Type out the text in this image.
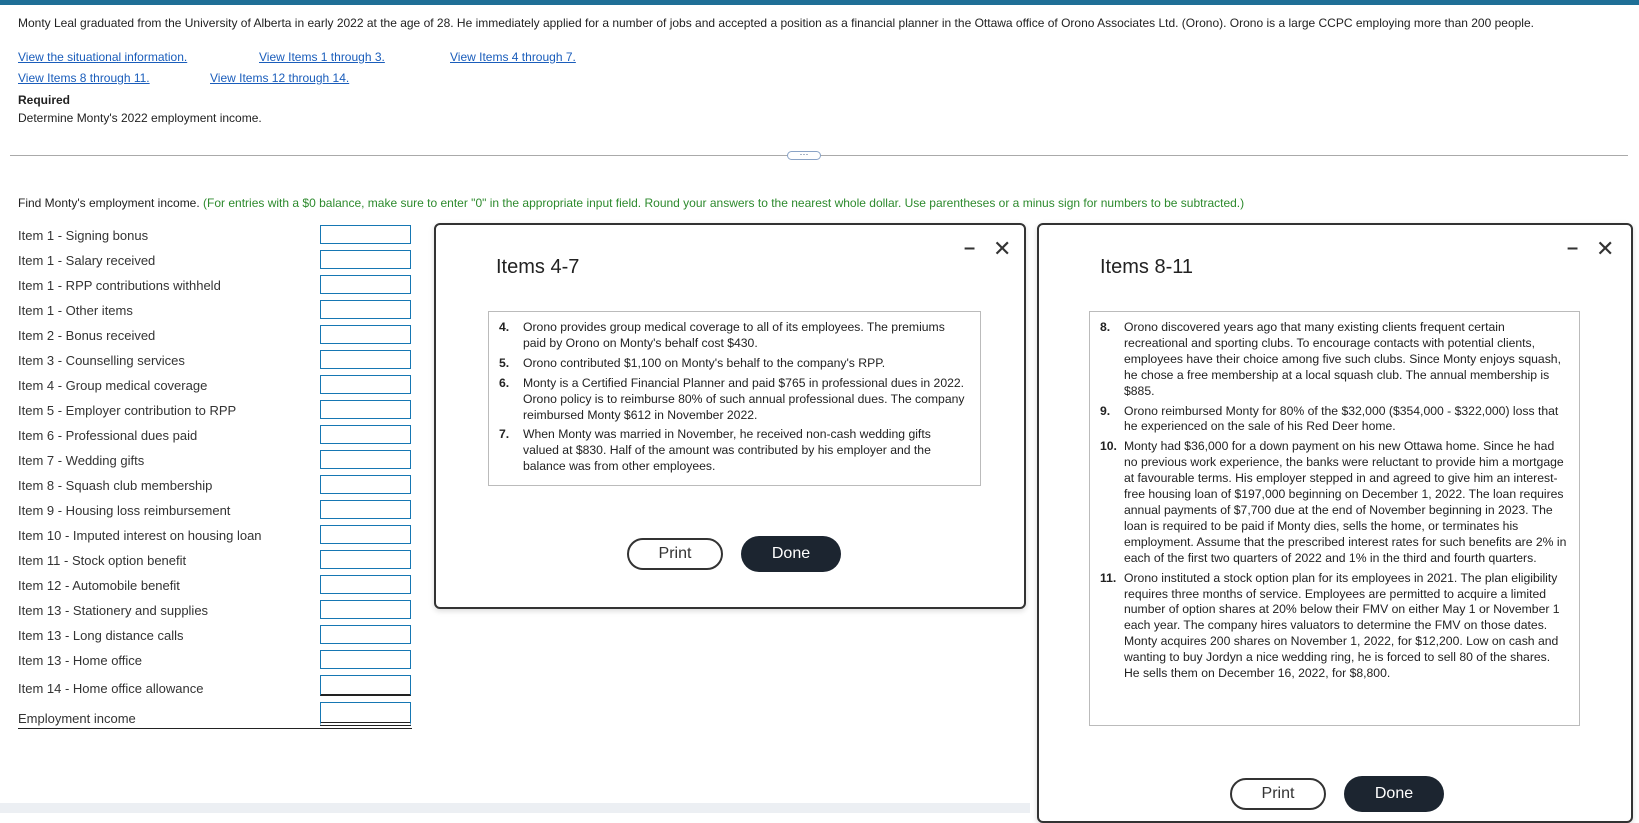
Monty Leal graduated from the University of Alberta in early 2022 at the age of 28. He immediately applied for a number of jobs and accepted a position as a financial planner in the Ottawa office of Orono Associates Ltd. (Orono). Orono is a large CCPC employing more than 200 people.
View the situational information.	View Items 1 through 3.	View Items 4 through 7.
View Items 8 through 11.	View Items 12 through 14.
Required
Determine Monty's 2022 employment income.
···
Find Monty's employment income. (For entries with a $0 balance, make sure to enter "0" in the appropriate input field. Round your answers to the nearest whole dollar. Use parentheses or a minus sign for numbers to be subtracted.)
Item 1 - Signing bonus
Item 1 - Salary received
Item 1 - RPP contributions withheld
Item 1 - Other items
Item 2 - Bonus received
Item 3 - Counselling services
Item 4 - Group medical coverage
Item 5 - Employer contribution to RPP
Item 6 - Professional dues paid
Item 7 - Wedding gifts
Item 8 - Squash club membership
Item 9 - Housing loss reimbursement
Item 10 - Imputed interest on housing loan
Item 11 - Stock option benefit
Item 12 - Automobile benefit
Item 13 - Stationery and supplies
Item 13 - Long distance calls
Item 13 - Home office
Item 14 - Home office allowance
Employment income
Items 4-7
– ✕
4.	Orono provides group medical coverage to all of its employees. The premiums paid by Orono on Monty's behalf cost $430.
5.	Orono contributed $1,100 on Monty's behalf to the company's RPP.
6.	Monty is a Certified Financial Planner and paid $765 in professional dues in 2022. Orono policy is to reimburse 80% of such annual professional dues. The company reimbursed Monty $612 in November 2022.
7.	When Monty was married in November, he received non-cash wedding gifts valued at $830. Half of the amount was contributed by his employer and the balance was from other employees.
Print	Done
Items 8-11
– ✕
8.	Orono discovered years ago that many existing clients frequent certain recreational and sporting clubs. To encourage contacts with potential clients, employees have their choice among five such clubs. Since Monty enjoys squash, he chose a free membership at a local squash club. The annual membership is $885.
9.	Orono reimbursed Monty for 80% of the $32,000 ($354,000 - $322,000) loss that he experienced on the sale of his Red Deer home.
10. Monty had $36,000 for a down payment on his new Ottawa home. Since he had no previous work experience, the banks were reluctant to provide him a mortgage at favourable terms. His employer stepped in and agreed to give him an interest-free housing loan of $197,000 beginning on December 1, 2022. The loan requires annual payments of $7,700 due at the end of November beginning in 2023. The loan is required to be paid if Monty dies, sells the home, or terminates his employment. Assume that the prescribed interest rates for such benefits are 2% in each of the first two quarters of 2022 and 1% in the third and fourth quarters.
11. Orono instituted a stock option plan for its employees in 2021. The plan eligibility requires three months of service. Employees are permitted to acquire a limited number of option shares at 20% below their FMV on either May 1 or November 1 each year. The company hires valuators to determine the FMV on those dates. Monty acquires 200 shares on November 1, 2022, for $12,200. Low on cash and wanting to buy Jordyn a nice wedding ring, he is forced to sell 80 of the shares. He sells them on December 16, 2022, for $8,800.
Print	Done
